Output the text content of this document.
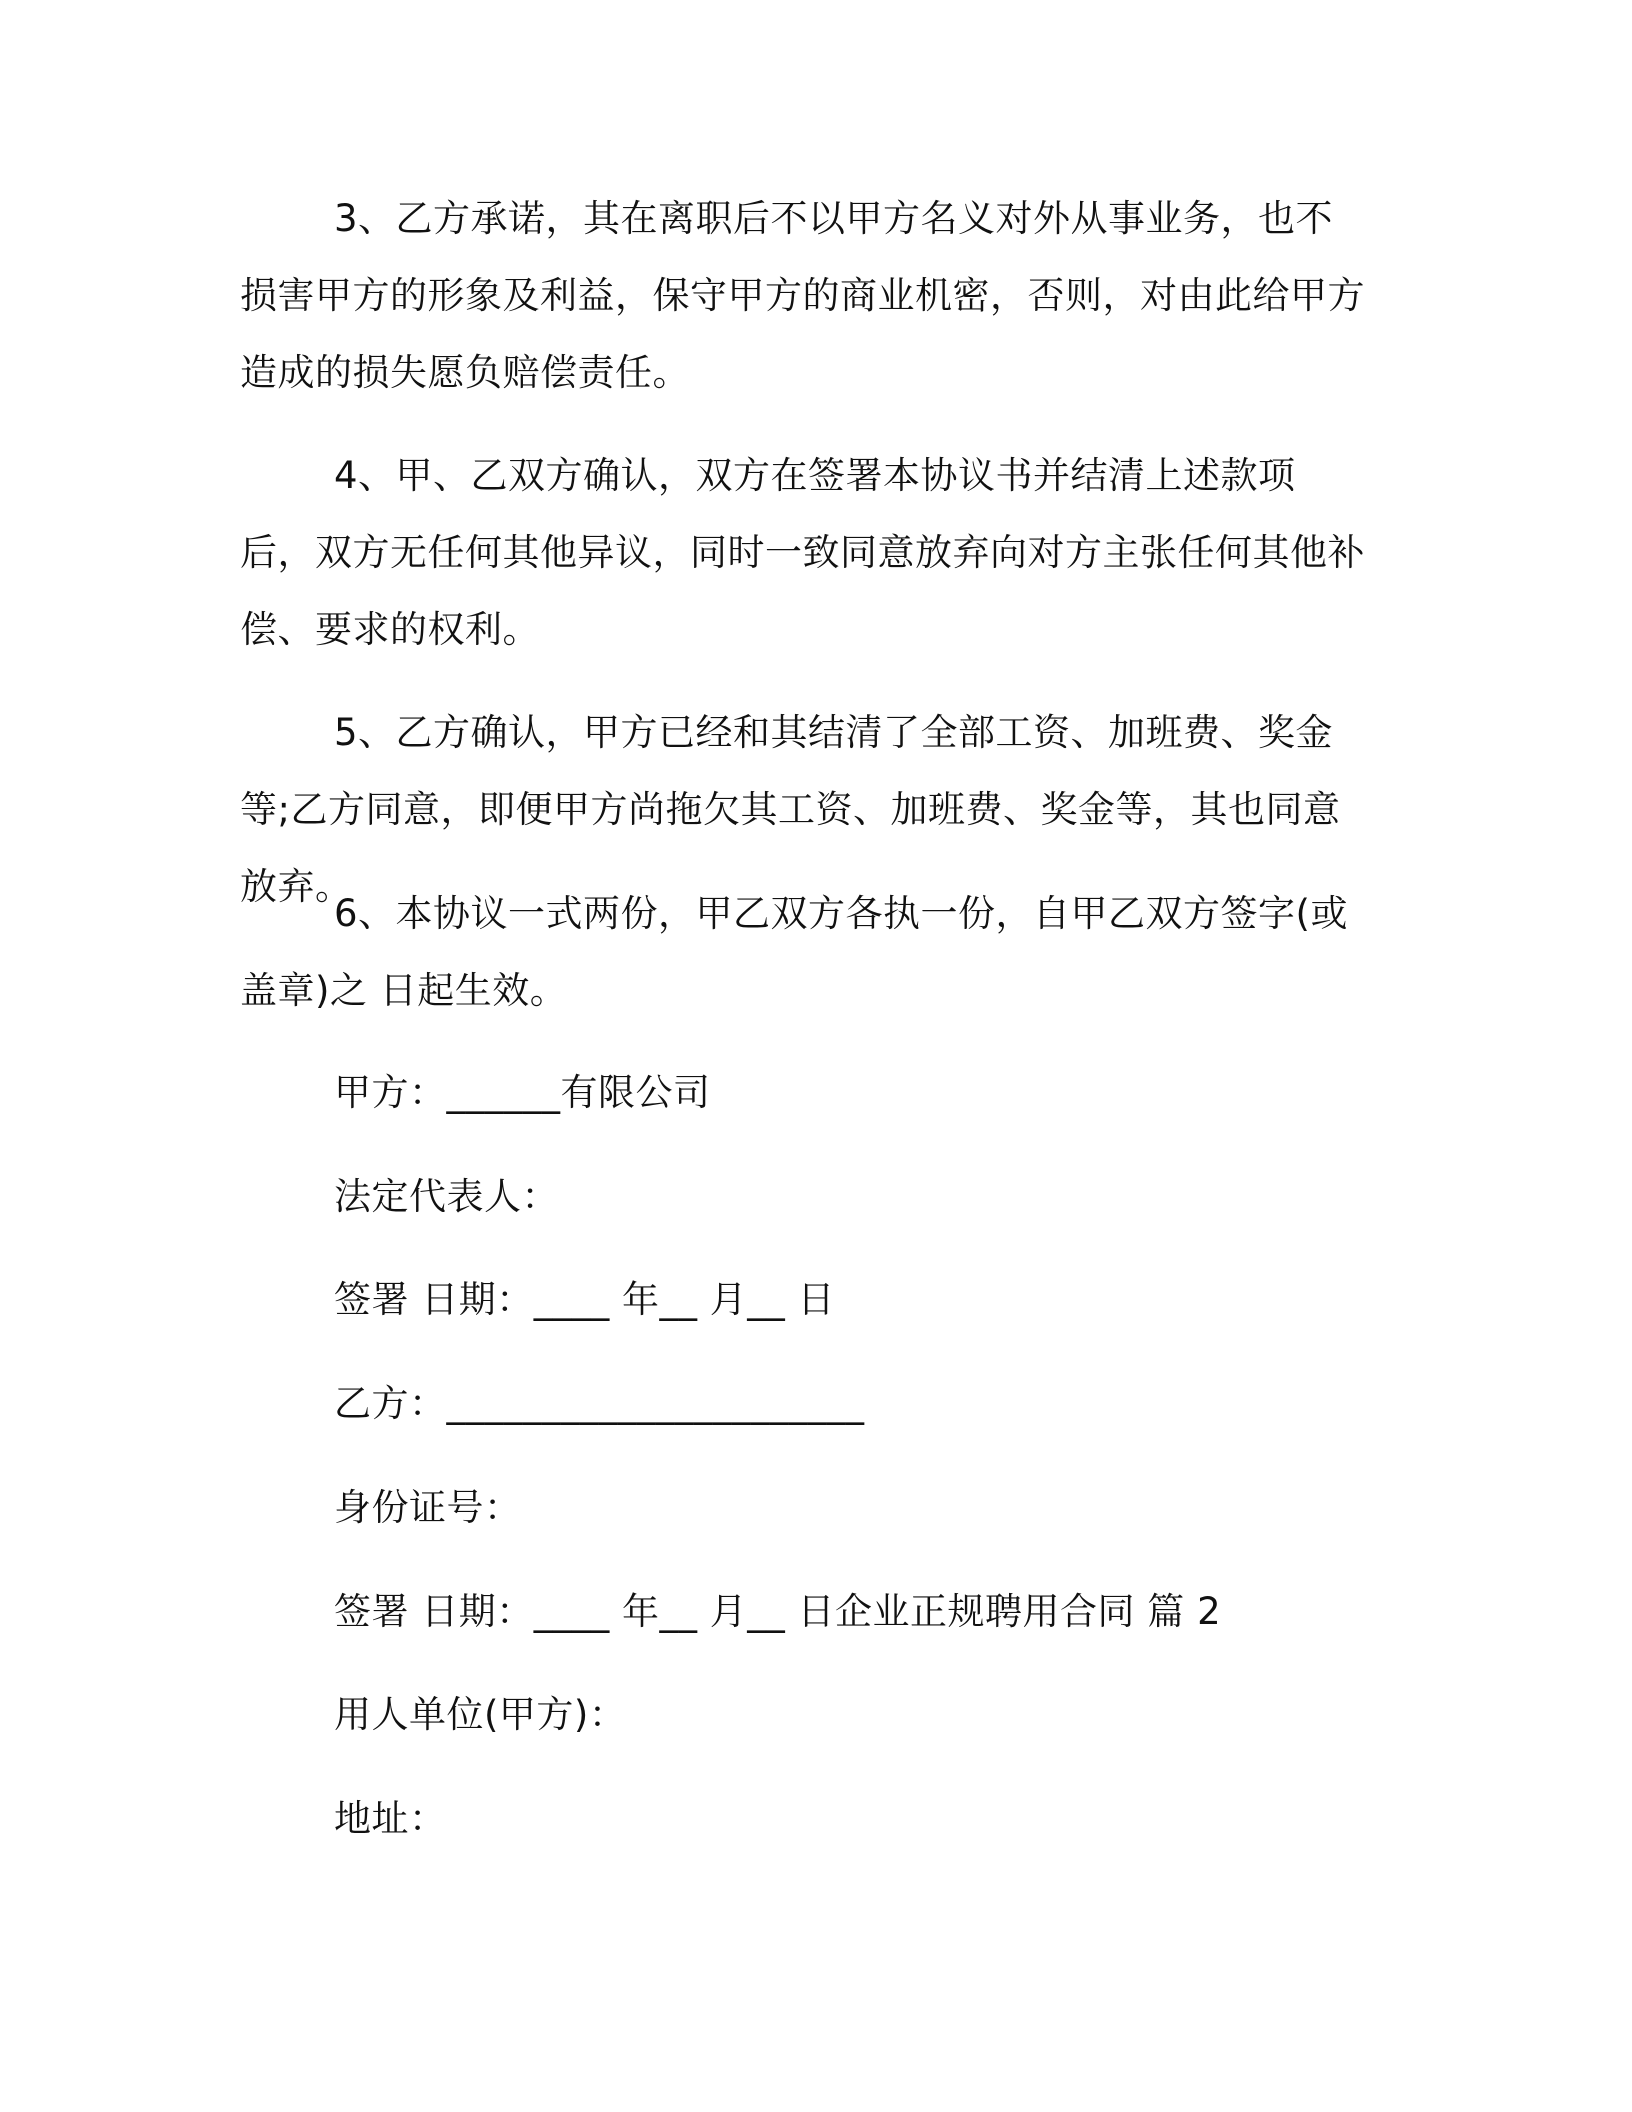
3、乙方承诺，其在离职后不以甲方名义对外从事业务，也不损害甲方的形象及利益，保守甲方的商业机密，否则，对由此给甲方造成的损失愿负赔偿责任。

4、甲、乙双方确认，双方在签署本协议书并结清上述款项后，双方无任何其他异议，同时一致同意放弃向对方主张任何其他补偿、要求的权利。

5、乙方确认，甲方已经和其结清了全部工资、加班费、奖金等;乙方同意，即便甲方尚拖欠其工资、加班费、奖金等，其也同意放弃。

6、本协议一式两份，甲乙双方各执一份，自甲乙双方签字(或盖章)之 日起生效。

甲方：______有限公司

法定代表人：

签署 日期：____ 年__ 月__ 日

乙方：______________________

身份证号：

签署 日期：____ 年__ 月__ 日企业正规聘用合同 篇 2

用人单位(甲方)：

地址：
